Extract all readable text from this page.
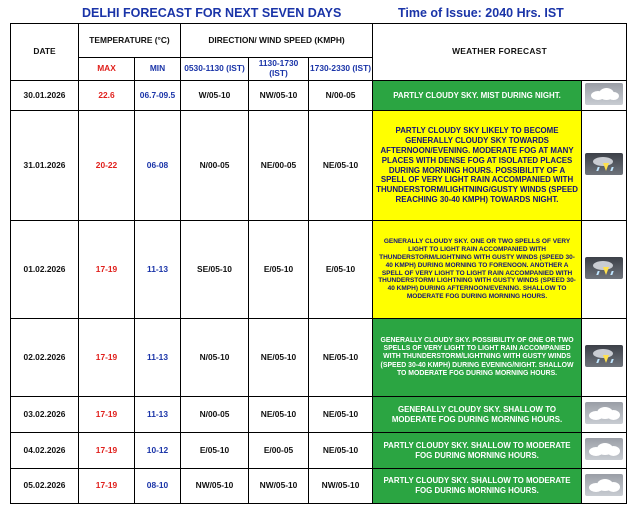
DELHI FORECAST FOR NEXT SEVEN DAYS	Time of Issue: 2040 Hrs. IST
DATE	TEMPERATURE (°C)		DIRECTION/ WIND SPEED (KMPH)			WEATHER FORECAST	
	MAX	MIN	0530-1130 (IST)	1130-1730 (IST)	1730-2330 (IST)		
30.01.2026	22.6	06.7-09.5	W/05-10	NW/05-10	N/00-05	PARTLY CLOUDY SKY. MIST DURING NIGHT.	

31.01.2026	20-22	06-08	N/00-05	NE/00-05	NE/05-10	PARTLY CLOUDY SKY LIKELY TO BECOME GENERALLY CLOUDY SKY TOWARDS AFTERNOON/EVENING. MODERATE FOG AT MANY PLACES WITH DENSE FOG AT ISOLATED PLACES DURING MORNING HOURS. POSSIBILITY OF A SPELL OF VERY LIGHT RAIN ACCOMPANIED WITH THUNDERSTORM/LIGHTNING/GUSTY WINDS (SPEED REACHING 30-40 KMPH) TOWARDS NIGHT.	

01.02.2026	17-19	11-13	SE/05-10	E/05-10	E/05-10	GENERALLY CLOUDY SKY. ONE OR TWO SPELLS OF VERY LIGHT TO LIGHT RAIN ACCOMPANIED WITH THUNDERSTORM/LIGHTNING WITH GUSTY WINDS (SPEED 30-40 KMPH) DURING MORNING TO FORENOON. ANOTHER A SPELL OF VERY LIGHT TO LIGHT RAIN ACCOMPANIED WITH THUNDERSTORM/ LIGHTNING WITH GUSTY WINDS (SPEED 30-40 KMPH) DURING AFTERNOON/EVENING. SHALLOW TO MODERATE FOG DURING MORNING HOURS.	

02.02.2026	17-19	11-13	N/05-10	NE/05-10	NE/05-10	GENERALLY CLOUDY SKY. POSSIBILITY OF ONE OR TWO SPELLS OF VERY LIGHT TO LIGHT RAIN ACCOMPANIED WITH THUNDERSTORM/LIGHTNING WITH GUSTY WINDS (SPEED 30-40 KMPH) DURING EVENING/NIGHT. SHALLOW TO MODERATE FOG DURING MORNING HOURS.	

03.02.2026	17-19	11-13	N/00-05	NE/05-10	NE/05-10	GENERALLY CLOUDY SKY. SHALLOW TO MODERATE FOG DURING MORNING HOURS.	

04.02.2026	17-19	10-12	E/05-10	E/00-05	NE/05-10	PARTLY CLOUDY SKY. SHALLOW TO MODERATE FOG DURING MORNING HOURS.	

05.02.2026	17-19	08-10	NW/05-10	NW/05-10	NW/05-10	PARTLY CLOUDY SKY. SHALLOW TO MODERATE FOG DURING MORNING HOURS.	
